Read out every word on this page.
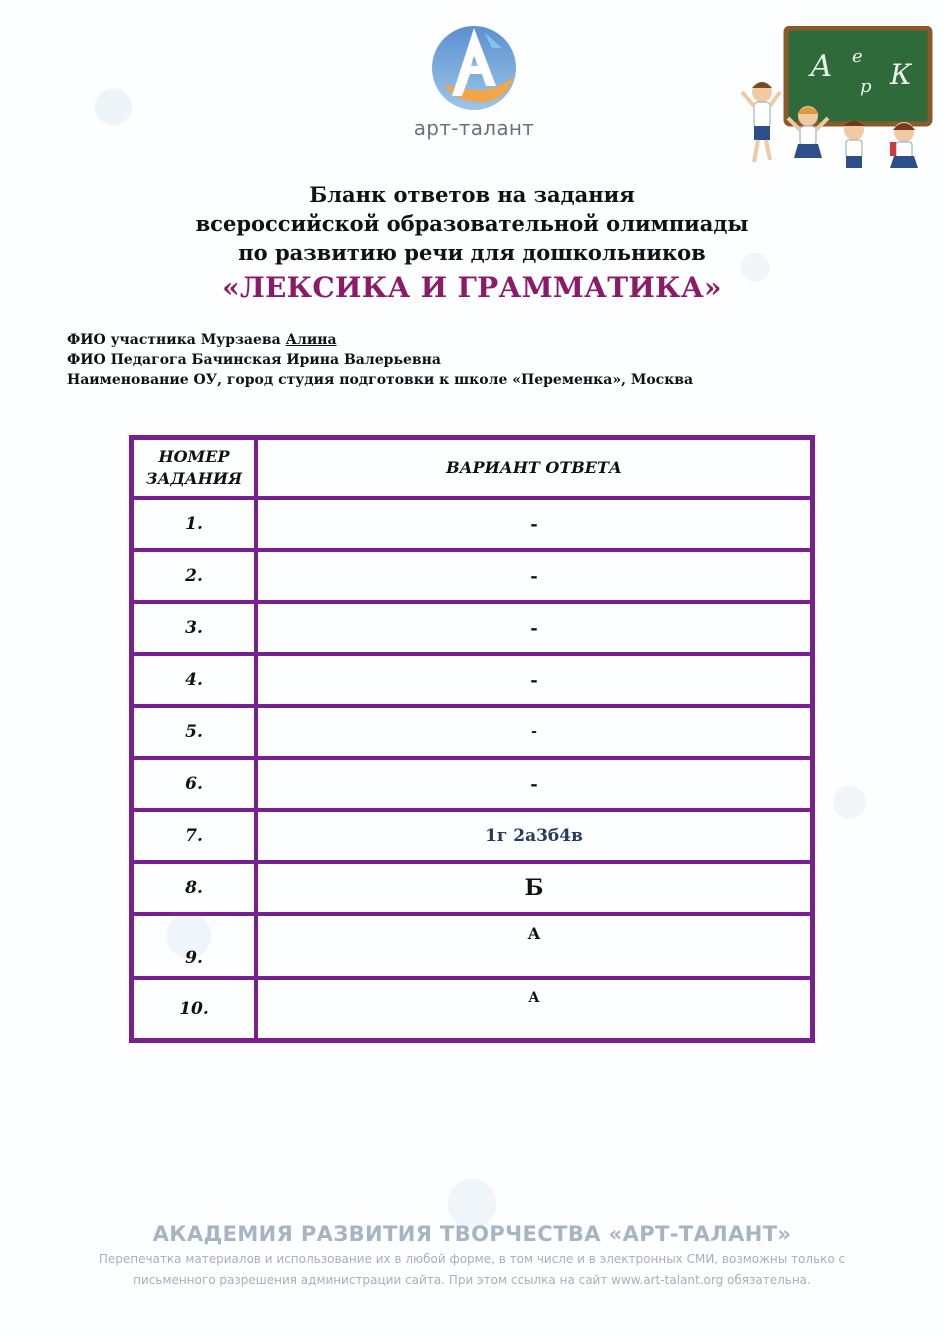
арт-талант
А е
р К
Бланк ответов на задания
всероссийской образовательной олимпиады
по развитию речи для дошкольников
«ЛЕКСИКА И ГРАММАТИКА»
ФИО участника Мурзаева Алина
ФИО Педагога Бачинская Ирина Валерьевна
Наименование ОУ, город студия подготовки к школе «Переменка», Москва
НОМЕР ЗАДАНИЯ	ВАРИАНТ ОТВЕТА
1.	-
2.	-
3.	-
4.	-
5.	-
6.	-
7.	1г 2а3б4в
8.	Б
9.	А
10.	А
АКАДЕМИЯ РАЗВИТИЯ ТВОРЧЕСТВА «АРТ-ТАЛАНТ»
Перепечатка материалов и использование их в любой форме, в том числе и в электронных СМИ, возможны только с
письменного разрешения администрации сайта. При этом ссылка на сайт www.art-talant.org обязательна.
